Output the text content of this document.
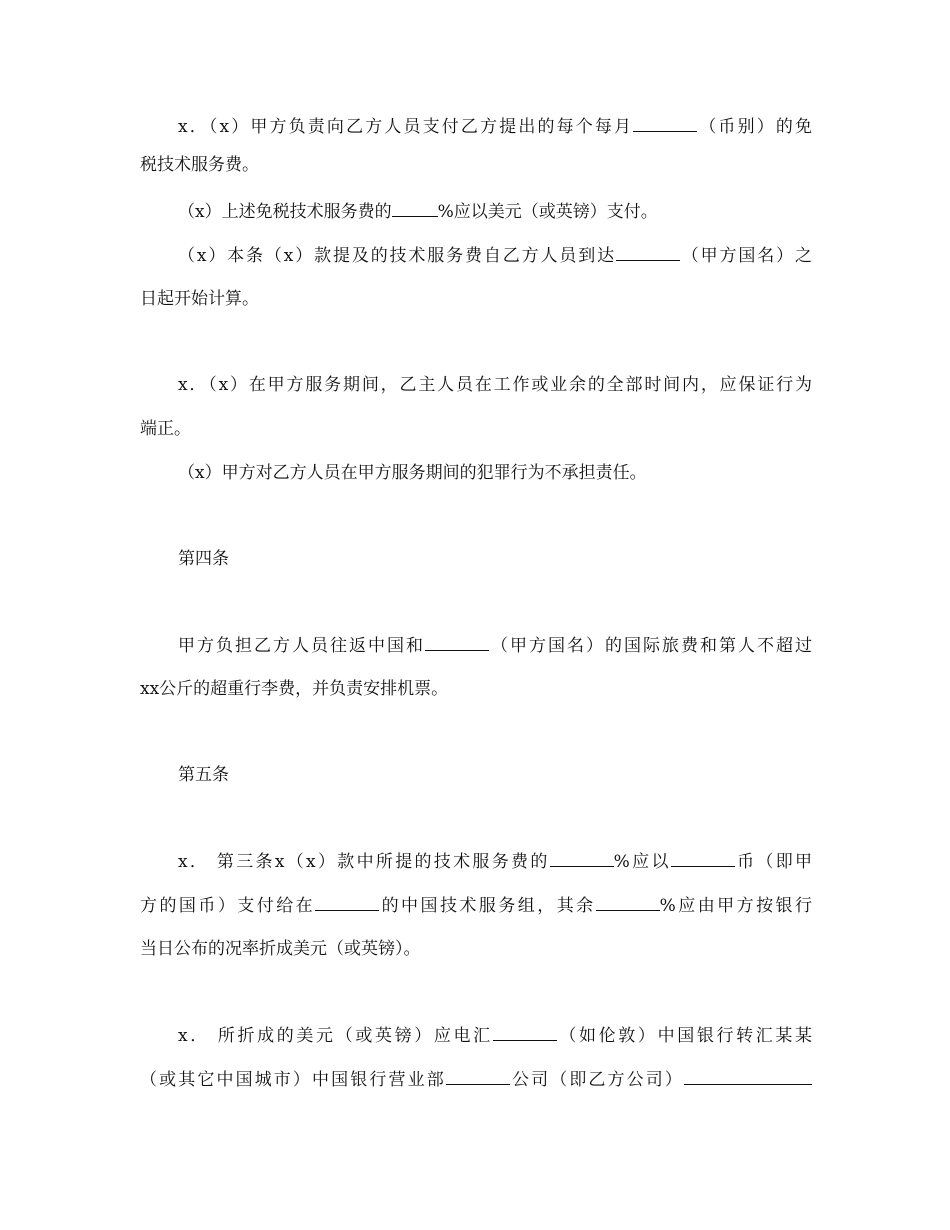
x．（x）甲方负责向乙方人员支付乙方提出的每个每月	（币别）的免
税技术服务费。
（x）上述免税技术服务费的	%应以美元（或英镑）支付。
（x）本条（x）款提及的技术服务费自乙方人员到达	（甲方国名）之
日起开始计算。
x．（x）在甲方服务期间，乙主人员在工作或业余的全部时间内，应保证行为
端正。
（x）甲方对乙方人员在甲方服务期间的犯罪行为不承担责任。
第四条
甲方负担乙方人员往返中国和	（甲方国名）的国际旅费和第人不超过
xx公斤的超重行李费，并负责安排机票。
第五条
x． 第三条x（x）款中所提的技术服务费的	%应以	币（即甲
方的国币）支付给在	的中国技术服务组，其余	%应由甲方按银行
当日公布的况率折成美元（或英镑）。
x． 所折成的美元（或英镑）应电汇	（如伦敦）中国银行转汇某某
（或其它中国城市）中国银行营业部	公司（即乙方公司）
